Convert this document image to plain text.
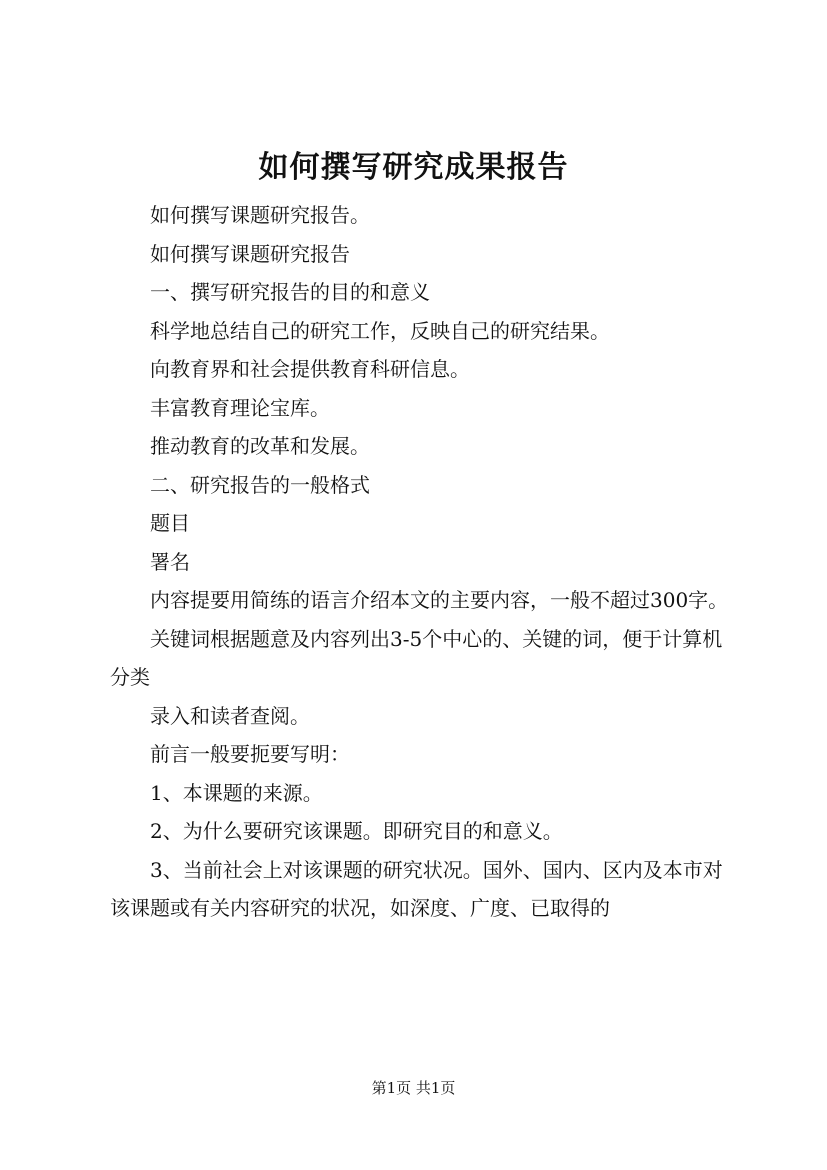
如何撰写研究成果报告

如何撰写课题研究报告。

如何撰写课题研究报告

一、撰写研究报告的目的和意义

科学地总结自己的研究工作，反映自己的研究结果。

向教育界和社会提供教育科研信息。

丰富教育理论宝库。

推动教育的改革和发展。

二、研究报告的一般格式

题目

署名

内容提要用简练的语言介绍本文的主要内容，一般不超过300字。

关键词根据题意及内容列出3-5个中心的、关键的词，便于计算机分类

录入和读者查阅。

前言一般要扼要写明：

1、本课题的来源。

2、为什么要研究该课题。即研究目的和意义。

3、当前社会上对该课题的研究状况。国外、国内、区内及本市对该课题或有关内容研究的状况，如深度、广度、已取得的

第1页 共1页
